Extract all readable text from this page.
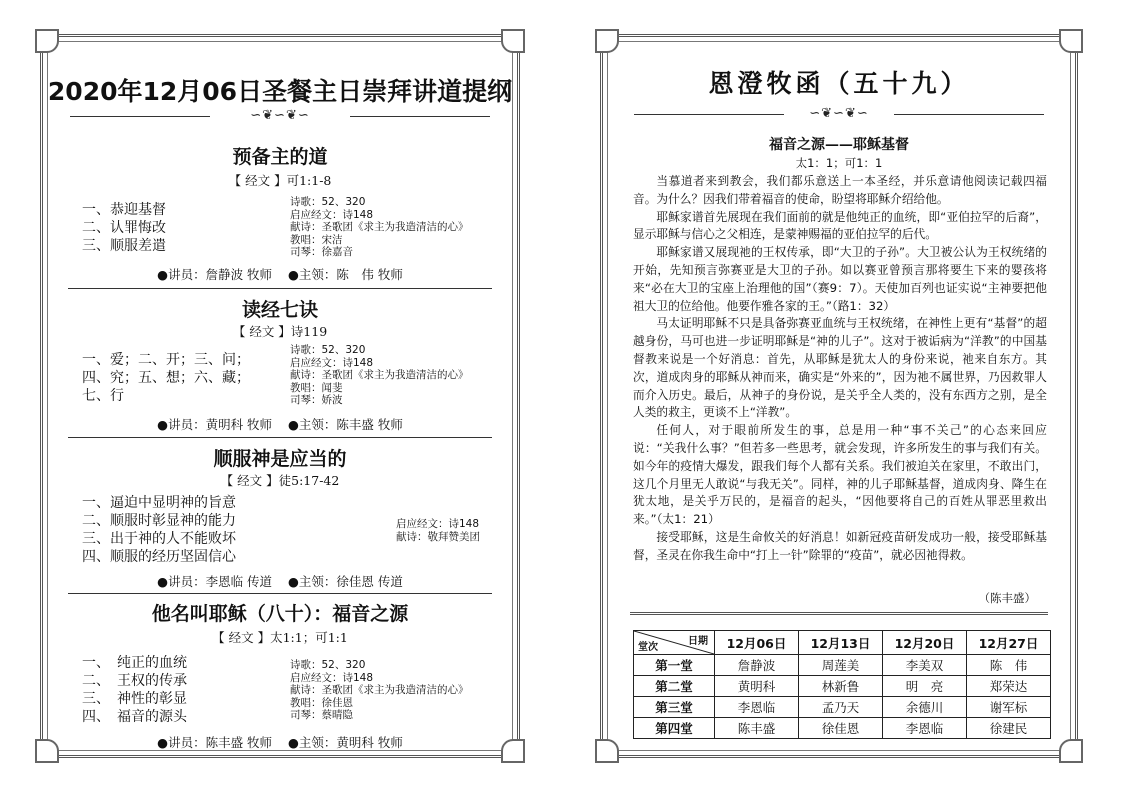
2020年12月06日圣餐主日崇拜讲道提纲
∽❦∽❦∽
预备主的道
【 经文 】可1:1-8
一、恭迎基督
二、认罪悔改
三、顺服差遣
诗歌：52、320
启应经文：诗148
献诗：圣歌团《求主为我造清洁的心》
教唱：宋洁
司琴：徐嘉音
●讲员：詹静波 牧师 ●主领：陈　伟 牧师
读经七诀
【 经文 】诗119
一、爱；二、开；三、问；
四、究；五、想；六、藏；
七、行
诗歌：52、320
启应经文：诗148
献诗：圣歌团《求主为我造清洁的心》
教唱：闻斐
司琴：娇波
●讲员：黄明科 牧师 ●主领：陈丰盛 牧师
顺服神是应当的
【 经文 】徒5:17-42
一、逼迫中显明神的旨意
二、顺服时彰显神的能力
三、出于神的人不能败坏
四、顺服的经历坚固信心
启应经文：诗148
献诗：敬拜赞美团
●讲员：李恩临 传道 ●主领：徐佳恩 传道
他名叫耶稣（八十）：福音之源
【 经文 】太1:1；可1:1
一、　纯正的血统
二、　王权的传承
三、　神性的彰显
四、　福音的源头
诗歌：52、320
启应经文：诗148
献诗：圣歌团《求主为我造清洁的心》
教唱：徐佳恩
司琴：蔡晴隐
●讲员：陈丰盛 牧师 ●主领：黄明科 牧师
恩澄牧函（五十九）
∽❦∽❦∽
福音之源——耶稣基督
太1：1；可1：1

当慕道者来到教会，我们都乐意送上一本圣经，并乐意请他阅读记载四福音。为什么？因我们带着福音的使命，盼望将耶稣介绍给他。

耶稣家谱首先展现在我们面前的就是他纯正的血统，即“亚伯拉罕的后裔”，显示耶稣与信心之父相连，是蒙神赐福的亚伯拉罕的后代。

耶稣家谱又展现祂的王权传承，即“大卫的子孙”。大卫被公认为王权统绪的开始，先知预言弥赛亚是大卫的子孙。如以赛亚曾预言那将要生下来的婴孩将来“必在大卫的宝座上治理他的国”（赛9：7）。天使加百列也证实说“主神要把他祖大卫的位给他。他要作雅各家的王。”（路1：32）

马太证明耶稣不只是具备弥赛亚血统与王权统绪，在神性上更有“基督”的超越身份，马可也进一步证明耶稣是“神的儿子”。这对于被诟病为“洋教”的中国基督教来说是一个好消息：首先，从耶稣是犹太人的身份来说，祂来自东方。其次，道成肉身的耶稣从神而来，确实是“外来的”，因为祂不属世界，乃因救罪人而介入历史。最后，从神子的身份说，是关乎全人类的，没有东西方之别，是全人类的救主，更谈不上“洋教”。

任何人，对于眼前所发生的事，总是用一种“事不关己”的心态来回应说：“关我什么事？”但若多一些思考，就会发现，许多所发生的事与我们有关。如今年的疫情大爆发，跟我们每个人都有关系。我们被迫关在家里，不敢出门，这几个月里无人敢说“与我无关”。同样，神的儿子耶稣基督，道成肉身、降生在犹太地，是关乎万民的，是福音的起头，“因他要将自己的百姓从罪恶里救出来。”（太1：21）

接受耶稣，这是生命攸关的好消息！如新冠疫苗研发成功一般，接受耶稣基督，圣灵在你我生命中“打上一针”除罪的“疫苗”，就必因祂得救。

（陈丰盛）
日期
堂次	12月06日	12月13日	12月20日	12月27日
第一堂	詹静波	周莲美	李美双	陈　伟
第二堂	黄明科	林新鲁	明　亮	郑荣达
第三堂	李恩临	孟乃天	余德川	谢军标
第四堂	陈丰盛	徐佳恩	李恩临	徐建民
